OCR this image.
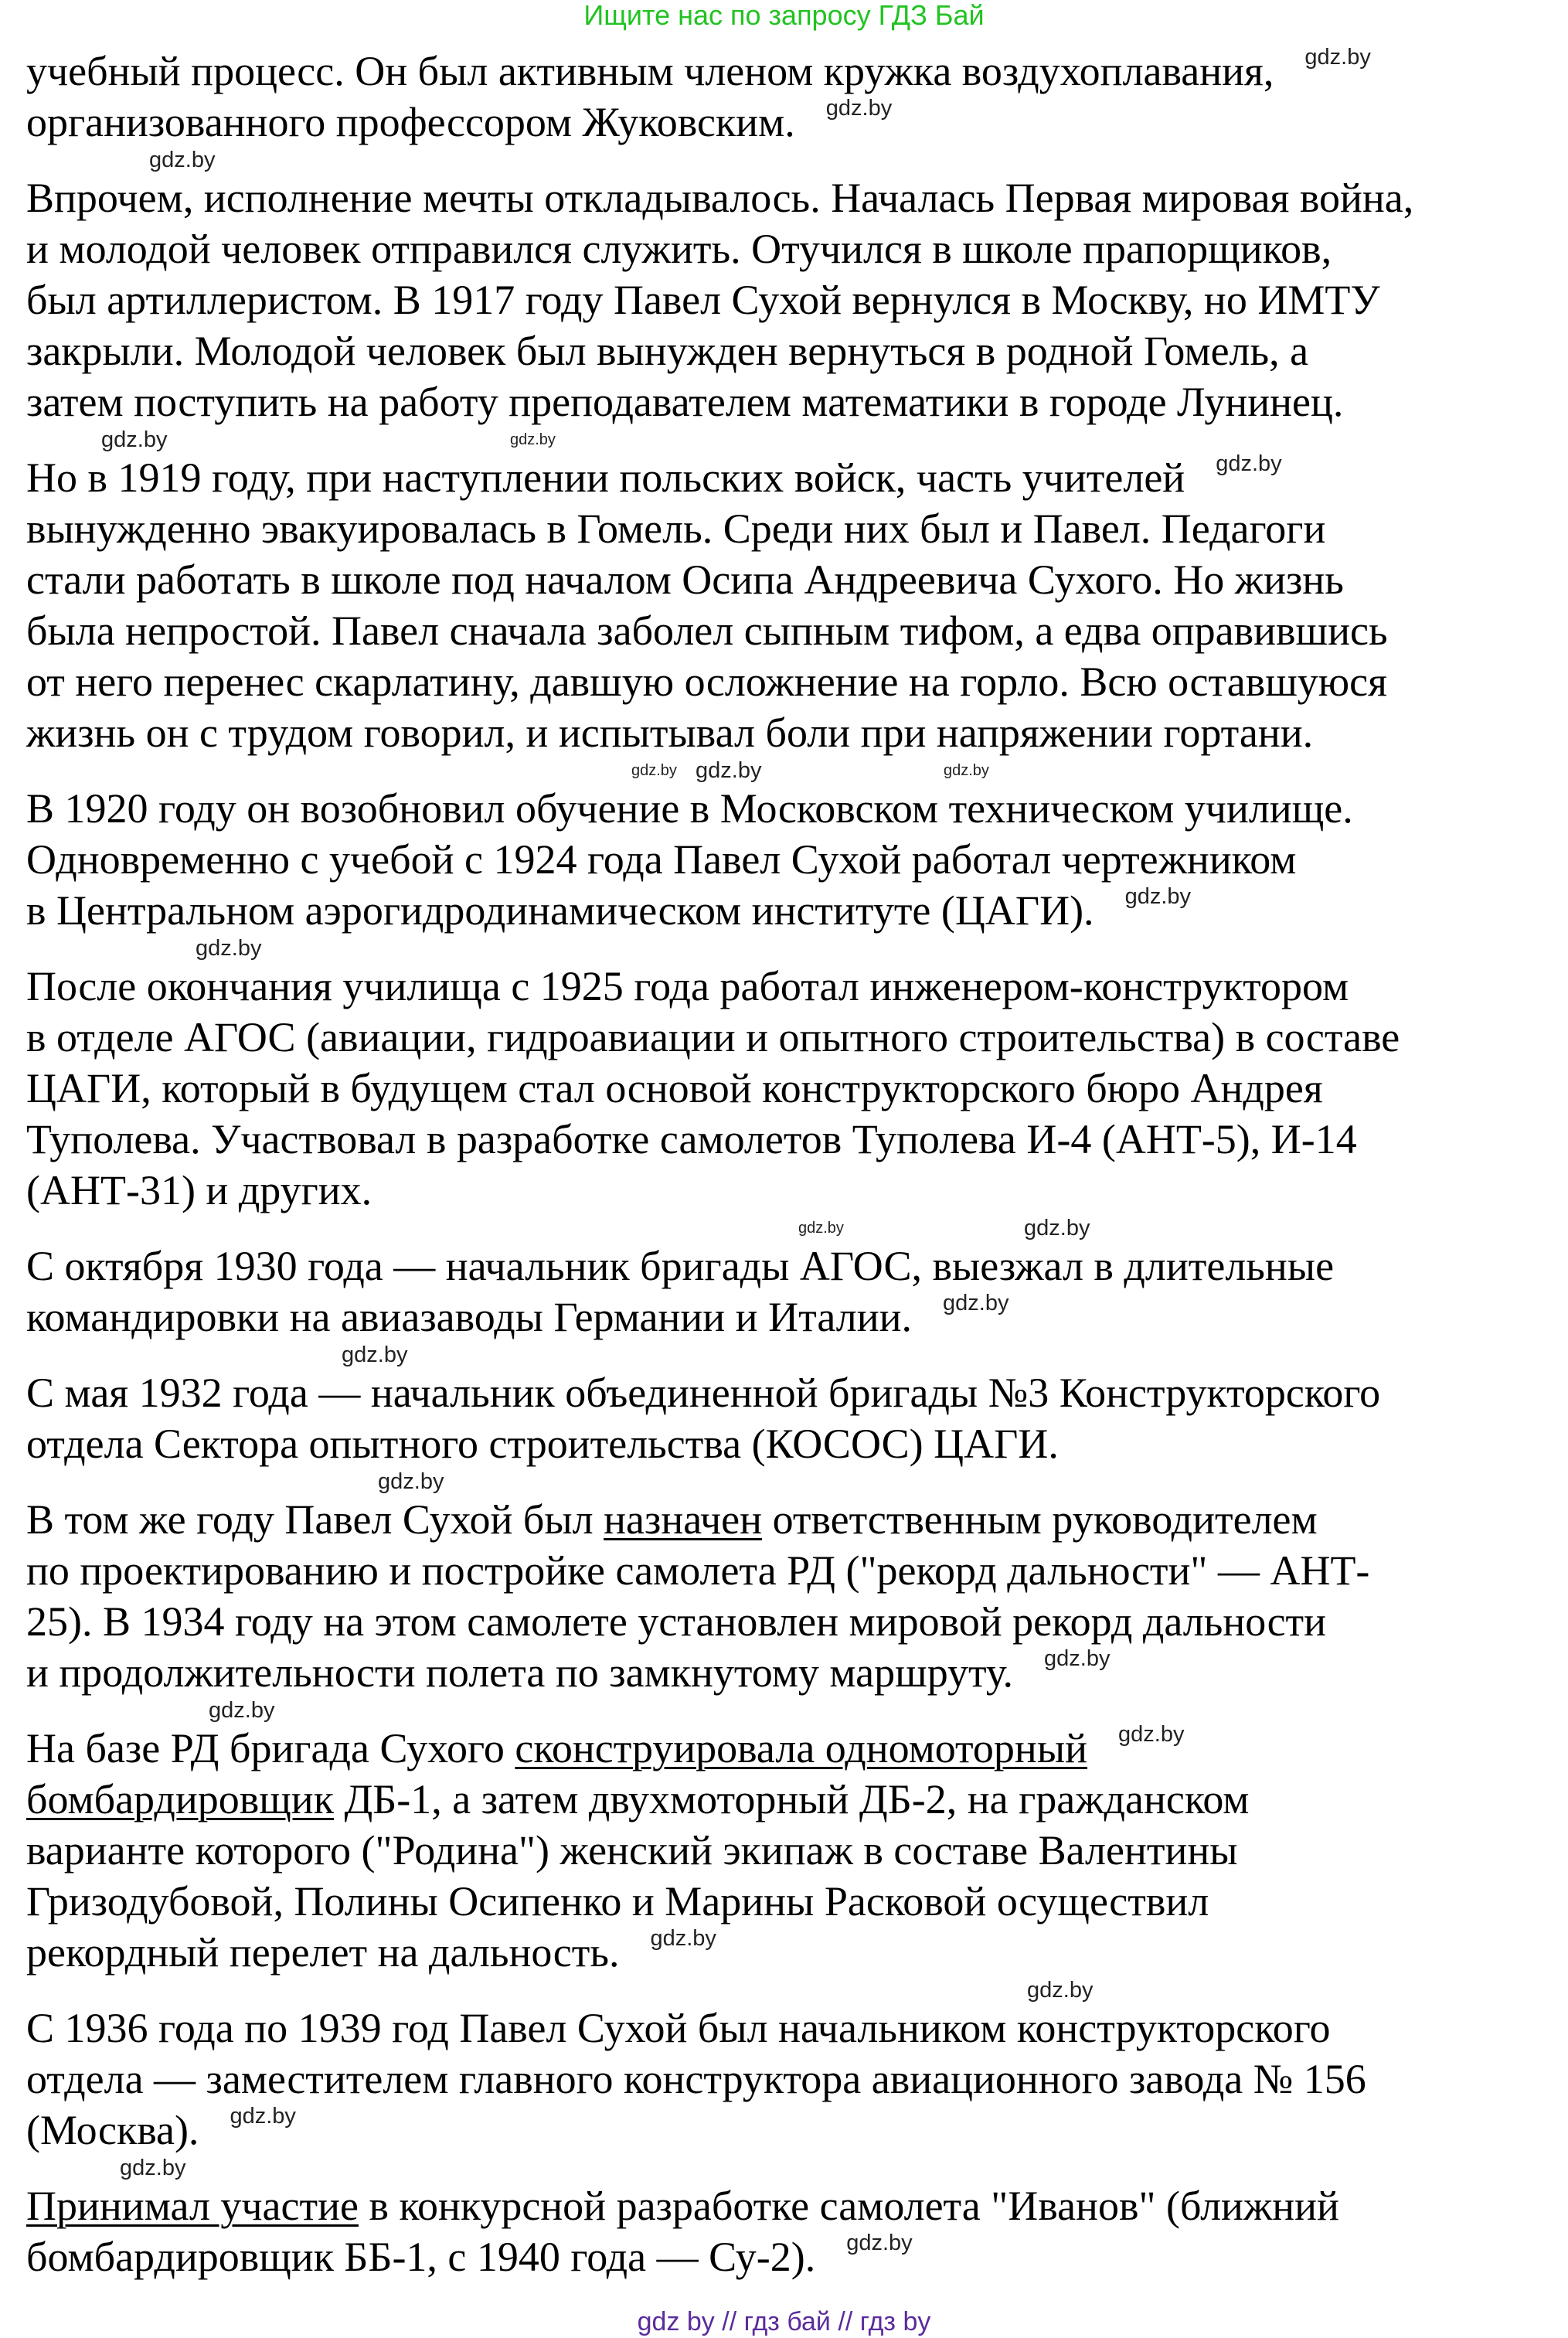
Ищите нас по запросу ГДЗ Бай
учебный процесс. Он был активным членом кружка воздухоплавания, gdz.by
организованного профессором Жуковским. gdz.by
gdz.by
Впрочем, исполнение мечты откладывалось. Началась Первая мировая война,
и молодой человек отправился служить. Отучился в школе прапорщиков,
был артиллеристом. В 1917 году Павел Сухой вернулся в Москву, но ИМТУ
закрыли. Молодой человек был вынужден вернуться в родной Гомель, а
затем поступить на работу преподавателем математики в городе Лунинец.
gdz.by	gdz.by
Но в 1919 году, при наступлении польских войск, часть учителей gdz.by
вынужденно эвакуировалась в Гомель. Среди них был и Павел. Педагоги
стали работать в школе под началом Осипа Андреевича Сухого. Но жизнь
была непростой. Павел сначала заболел сыпным тифом, а едва оправившись
от него перенес скарлатину, давшую осложнение на горло. Всю оставшуюся
жизнь он с трудом говорил, и испытывал боли при напряжении гортани.
gdz.by gdz.by	gdz.by
В 1920 году он возобновил обучение в Московском техническом училище.
Одновременно с учебой с 1924 года Павел Сухой работал чертежником
в Центральном аэрогидродинамическом институте (ЦАГИ). gdz.by
gdz.by
После окончания училища с 1925 года работал инженером-конструктором
в отделе АГОС (авиации, гидроавиации и опытного строительства) в составе
ЦАГИ, который в будущем стал основой конструкторского бюро Андрея
Туполева. Участвовал в разработке самолетов Туполева И-4 (АНТ-5), И-14
(АНТ-31) и других.
gdz.by	gdz.by
С октября 1930 года — начальник бригады АГОС, выезжал в длительные
командировки на авиазаводы Германии и Италии. gdz.by
gdz.by
С мая 1932 года — начальник объединенной бригады №3 Конструкторского
отдела Сектора опытного строительства (КОСОС) ЦАГИ.
gdz.by
В том же году Павел Сухой был назначен ответственным руководителем
по проектированию и постройке самолета РД ("рекорд дальности" — АНТ-
25). В 1934 году на этом самолете установлен мировой рекорд дальности
и продолжительности полета по замкнутому маршруту. gdz.by
gdz.by
На базе РД бригада Сухого сконструировала одномоторный gdz.by
бомбардировщик ДБ-1, а затем двухмоторный ДБ-2, на гражданском
варианте которого ("Родина") женский экипаж в составе Валентины
Гризодубовой, Полины Осипенко и Марины Расковой осуществил
рекордный перелет на дальность. gdz.by
gdz.by
С 1936 года по 1939 год Павел Сухой был начальником конструкторского
отдела — заместителем главного конструктора авиационного завода № 156
(Москва). gdz.by
gdz.by
Принимал участие в конкурсной разработке самолета "Иванов" (ближний
бомбардировщик ББ-1, с 1940 года — Су-2). gdz.by
gdz by // гдз бай // гдз by
